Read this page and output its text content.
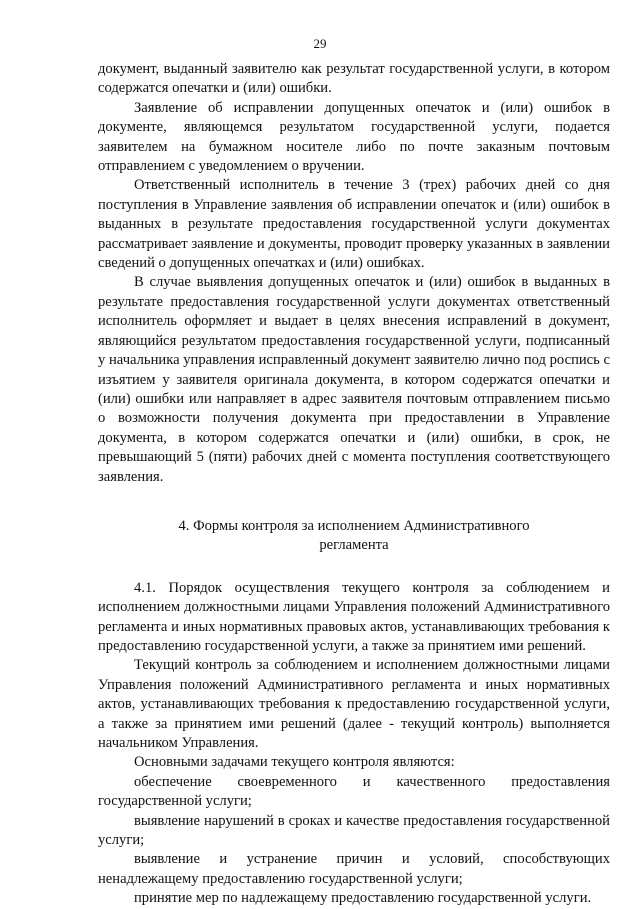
29

документ, выданный заявителю как результат государственной услуги, в котором содержатся опечатки и (или) ошибки.

Заявление об исправлении допущенных опечаток и (или) ошибок в документе, являющемся результатом государственной услуги, подается заявителем на бумажном носителе либо по почте заказным почтовым отправлением с уведомлением о вручении.

Ответственный исполнитель в течение 3 (трех) рабочих дней со дня поступления в Управление заявления об исправлении опечаток и (или) ошибок в выданных в результате предоставления государственной услуги документах рассматривает заявление и документы, проводит проверку указанных в заявлении сведений о допущенных опечатках и (или) ошибках.

В случае выявления допущенных опечаток и (или) ошибок в выданных в результате предоставления государственной услуги документах ответственный исполнитель оформляет и выдает в целях внесения исправлений в документ, являющийся результатом предоставления государственной услуги, подписанный у начальника управления исправленный документ заявителю лично под роспись с изъятием у заявителя оригинала документа, в котором содержатся опечатки и (или) ошибки или направляет в адрес заявителя почтовым отправлением письмо о возможности получения документа при предоставлении в Управление документа, в котором содержатся опечатки и (или) ошибки, в срок, не превышающий 5 (пяти) рабочих дней с момента поступления соответствующего заявления.

4. Формы контроля за исполнением Административного регламента

4.1. Порядок осуществления текущего контроля за соблюдением и исполнением должностными лицами Управления положений Административного регламента и иных нормативных правовых актов, устанавливающих требования к предоставлению государственной услуги, а также за принятием ими решений.

Текущий контроль за соблюдением и исполнением должностными лицами Управления положений Административного регламента и иных нормативных актов, устанавливающих требования к предоставлению государственной услуги, а также за принятием ими решений (далее - текущий контроль) выполняется начальником Управления.

Основными задачами текущего контроля являются:

обеспечение своевременного и качественного предоставления государственной услуги;

выявление нарушений в сроках и качестве предоставления государственной услуги;

выявление и устранение причин и условий, способствующих ненадлежащему предоставлению государственной услуги;

принятие мер по надлежащему предоставлению государственной услуги.
